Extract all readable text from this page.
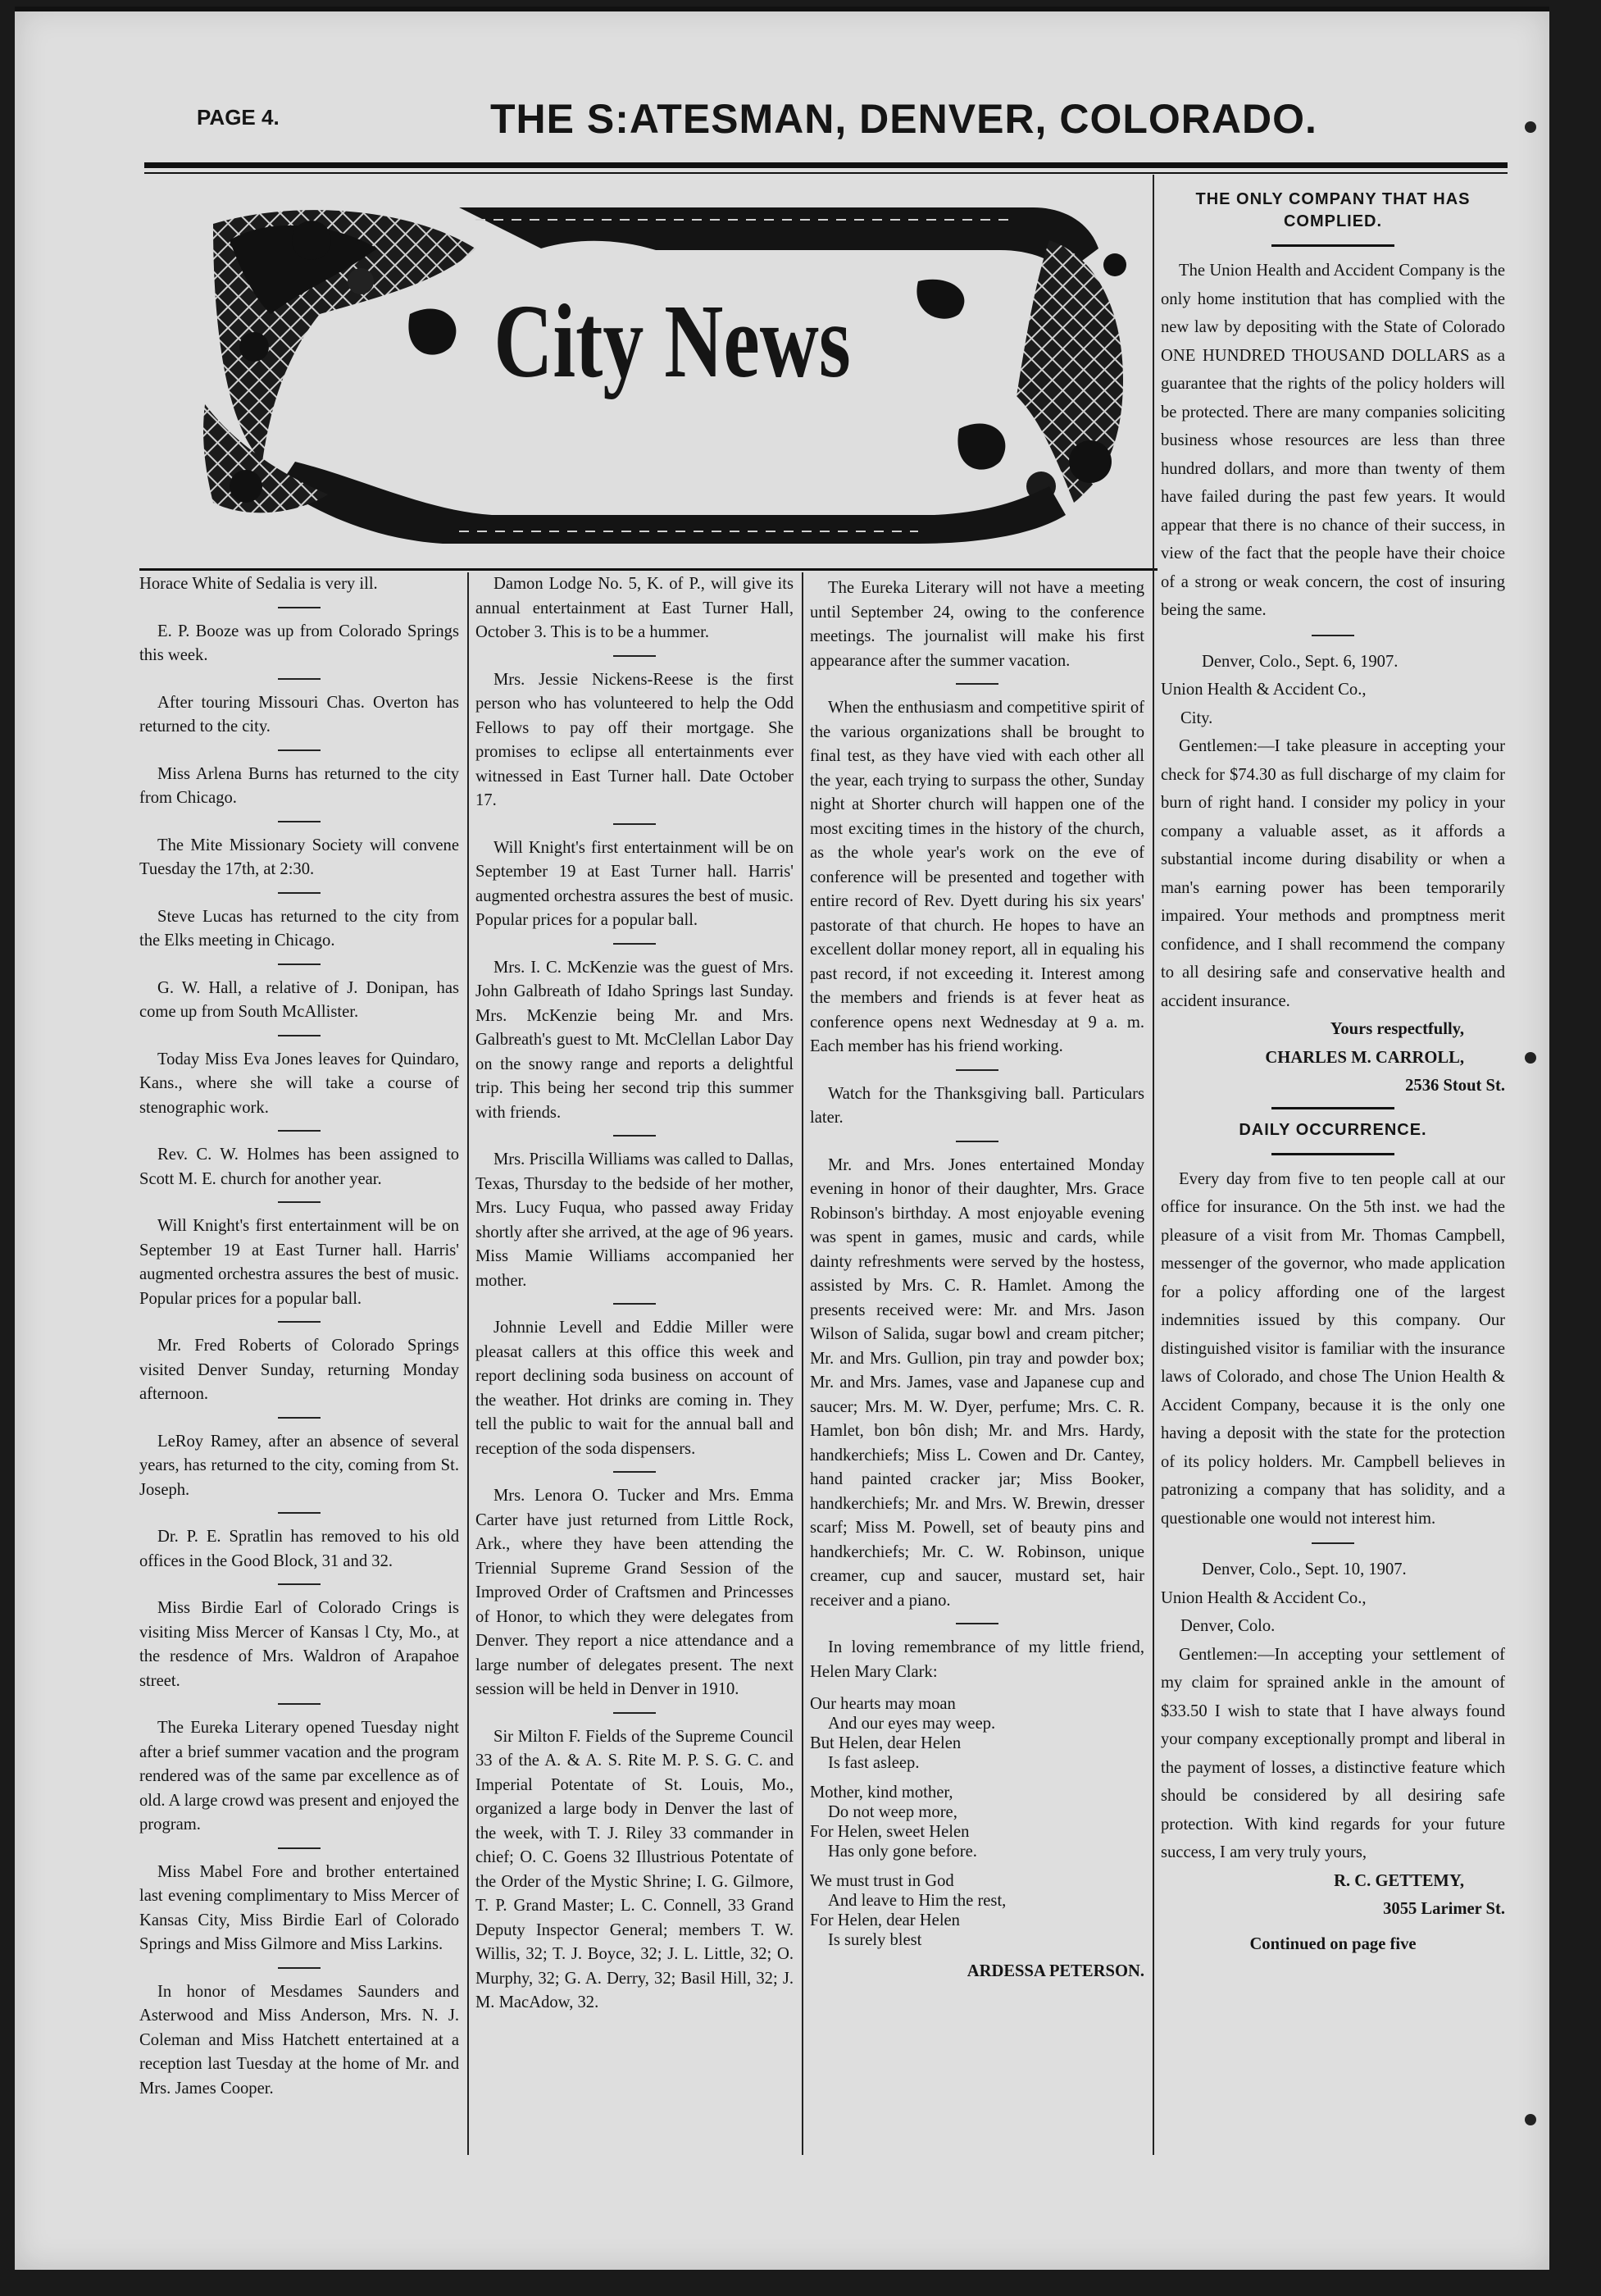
PAGE 4.	THE S:ATESMAN, DENVER, COLORADO.
City News

Horace White of Sedalia is very ill.

E. P. Booze was up from Colorado Springs this week.

After touring Missouri Chas. Overton has returned to the city.

Miss Arlena Burns has returned to the city from Chicago.

The Mite Missionary Society will convene Tuesday the 17th, at 2:30.

Steve Lucas has returned to the city from the Elks meeting in Chicago.

G. W. Hall, a relative of J. Donipan, has come up from South McAllister.

Today Miss Eva Jones leaves for Quindaro, Kans., where she will take a course of stenographic work.

Rev. C. W. Holmes has been assigned to Scott M. E. church for another year.

Will Knight's first entertainment will be on September 19 at East Turner hall. Harris' augmented orchestra assures the best of music. Popular prices for a popular ball.

Mr. Fred Roberts of Colorado Springs visited Denver Sunday, returning Monday afternoon.

LeRoy Ramey, after an absence of several years, has returned to the city, coming from St. Joseph.

Dr. P. E. Spratlin has removed to his old offices in the Good Block, 31 and 32.

Miss Birdie Earl of Colorado Crings is visiting Miss Mercer of Kansas l Cty, Mo., at the resdence of Mrs. Waldron of Arapahoe street.

The Eureka Literary opened Tuesday night after a brief summer vacation and the program rendered was of the same par excellence as of old. A large crowd was present and enjoyed the program.

Miss Mabel Fore and brother entertained last evening complimentary to Miss Mercer of Kansas City, Miss Birdie Earl of Colorado Springs and Miss Gilmore and Miss Larkins.

In honor of Mesdames Saunders and Asterwood and Miss Anderson, Mrs. N. J. Coleman and Miss Hatchett entertained at a reception last Tuesday at the home of Mr. and Mrs. James Cooper.

Damon Lodge No. 5, K. of P., will give its annual entertainment at East Turner Hall, October 3. This is to be a hummer.

Mrs. Jessie Nickens-Reese is the first person who has volunteered to help the Odd Fellows to pay off their mortgage. She promises to eclipse all entertainments ever witnessed in East Turner hall. Date October 17.

Will Knight's first entertainment will be on September 19 at East Turner hall. Harris' augmented orchestra assures the best of music. Popular prices for a popular ball.

Mrs. I. C. McKenzie was the guest of Mrs. John Galbreath of Idaho Springs last Sunday. Mrs. McKenzie being Mr. and Mrs. Galbreath's guest to Mt. McClellan Labor Day on the snowy range and reports a delightful trip. This being her second trip this summer with friends.

Mrs. Priscilla Williams was called to Dallas, Texas, Thursday to the bedside of her mother, Mrs. Lucy Fuqua, who passed away Friday shortly after she arrived, at the age of 96 years. Miss Mamie Williams accompanied her mother.

Johnnie Levell and Eddie Miller were pleasat callers at this office this week and report declining soda business on account of the weather. Hot drinks are coming in. They tell the public to wait for the annual ball and reception of the soda dispensers.

Mrs. Lenora O. Tucker and Mrs. Emma Carter have just returned from Little Rock, Ark., where they have been attending the Triennial Supreme Grand Session of the Improved Order of Craftsmen and Princesses of Honor, to which they were delegates from Denver. They report a nice attendance and a large number of delegates present. The next session will be held in Denver in 1910.

Sir Milton F. Fields of the Supreme Council 33 of the A. & A. S. Rite M. P. S. G. C. and Imperial Potentate of St. Louis, Mo., organized a large body in Denver the last of the week, with T. J. Riley 33 commander in chief; O. C. Goens 32 Illustrious Potentate of the Order of the Mystic Shrine; I. G. Gilmore, T. P. Grand Master; L. C. Connell, 33 Grand Deputy Inspector General; members T. W. Willis, 32; T. J. Boyce, 32; J. L. Little, 32; O. Murphy, 32; G. A. Derry, 32; Basil Hill, 32; J. M. MacAdow, 32.

The Eureka Literary will not have a meeting until September 24, owing to the conference meetings. The journalist will make his first appearance after the summer vacation.

When the enthusiasm and competitive spirit of the various organizations shall be brought to final test, as they have vied with each other all the year, each trying to surpass the other, Sunday night at Shorter church will happen one of the most exciting times in the history of the church, as the whole year's work on the eve of conference will be presented and together with entire record of Rev. Dyett during his six years' pastorate of that church. He hopes to have an excellent dollar money report, all in equaling his past record, if not exceeding it. Interest among the members and friends is at fever heat as conference opens next Wednesday at 9 a. m. Each member has his friend working.

Watch for the Thanksgiving ball. Particulars later.

Mr. and Mrs. Jones entertained Monday evening in honor of their daughter, Mrs. Grace Robinson's birthday. A most enjoyable evening was spent in games, music and cards, while dainty refreshments were served by the hostess, assisted by Mrs. C. R. Hamlet. Among the presents received were: Mr. and Mrs. Jason Wilson of Salida, sugar bowl and cream pitcher; Mr. and Mrs. Gullion, pin tray and powder box; Mr. and Mrs. James, vase and Japanese cup and saucer; Mrs. M. W. Dyer, perfume; Mrs. C. R. Hamlet, bon bôn dish; Mr. and Mrs. Hardy, handkerchiefs; Miss L. Cowen and Dr. Cantey, hand painted cracker jar; Miss Booker, handkerchiefs; Mr. and Mrs. W. Brewin, dresser scarf; Miss M. Powell, set of beauty pins and handkerchiefs; Mr. C. W. Robinson, unique creamer, cup and saucer, mustard set, hair receiver and a piano.

In loving remembrance of my little friend, Helen Mary Clark:

Our hearts may moan
And our eyes may weep.
But Helen, dear Helen
Is fast asleep.
Mother, kind mother,
Do not weep more,
For Helen, sweet Helen
Has only gone before.
We must trust in God
And leave to Him the rest,
For Helen, dear Helen
Is surely blest
ARDESSA PETERSON.
THE ONLY COMPANY THAT HAS COMPLIED.

The Union Health and Accident Company is the only home institution that has complied with the new law by depositing with the State of Colorado ONE HUNDRED THOUSAND DOLLARS as a guarantee that the rights of the policy holders will be protected. There are many companies soliciting business whose resources are less than three hundred dollars, and more than twenty of them have failed during the past few years. It would appear that there is no chance of their success, in view of the fact that the people have their choice of a strong or weak concern, the cost of insuring being the same.

Denver, Colo., Sept. 6, 1907.
Union Health & Accident Co.,
City.

Gentlemen:—I take pleasure in accepting your check for $74.30 as full discharge of my claim for burn of right hand. I consider my policy in your company a valuable asset, as it affords a substantial income during disability or when a man's earning power has been temporarily impaired. Your methods and promptness merit confidence, and I shall recommend the company to all desiring safe and conservative health and accident insurance.

Yours respectfully,
CHARLES M. CARROLL,
2536 Stout St.
DAILY OCCURRENCE.

Every day from five to ten people call at our office for insurance. On the 5th inst. we had the pleasure of a visit from Mr. Thomas Campbell, messenger of the governor, who made application for a policy affording one of the largest indemnities issued by this company. Our distinguished visitor is familiar with the insurance laws of Colorado, and chose The Union Health & Accident Company, because it is the only one having a deposit with the state for the protection of its policy holders. Mr. Campbell believes in patronizing a company that has solidity, and a questionable one would not interest him.

Denver, Colo., Sept. 10, 1907.
Union Health & Accident Co.,
Denver, Colo.

Gentlemen:—In accepting your settlement of my claim for sprained ankle in the amount of $33.50 I wish to state that I have always found your company exceptionally prompt and liberal in the payment of losses, a distinctive feature which should be considered by all desiring safe protection. With kind regards for your future success, I am very truly yours,

R. C. GETTEMY,
3055 Larimer St.

Continued on page five
